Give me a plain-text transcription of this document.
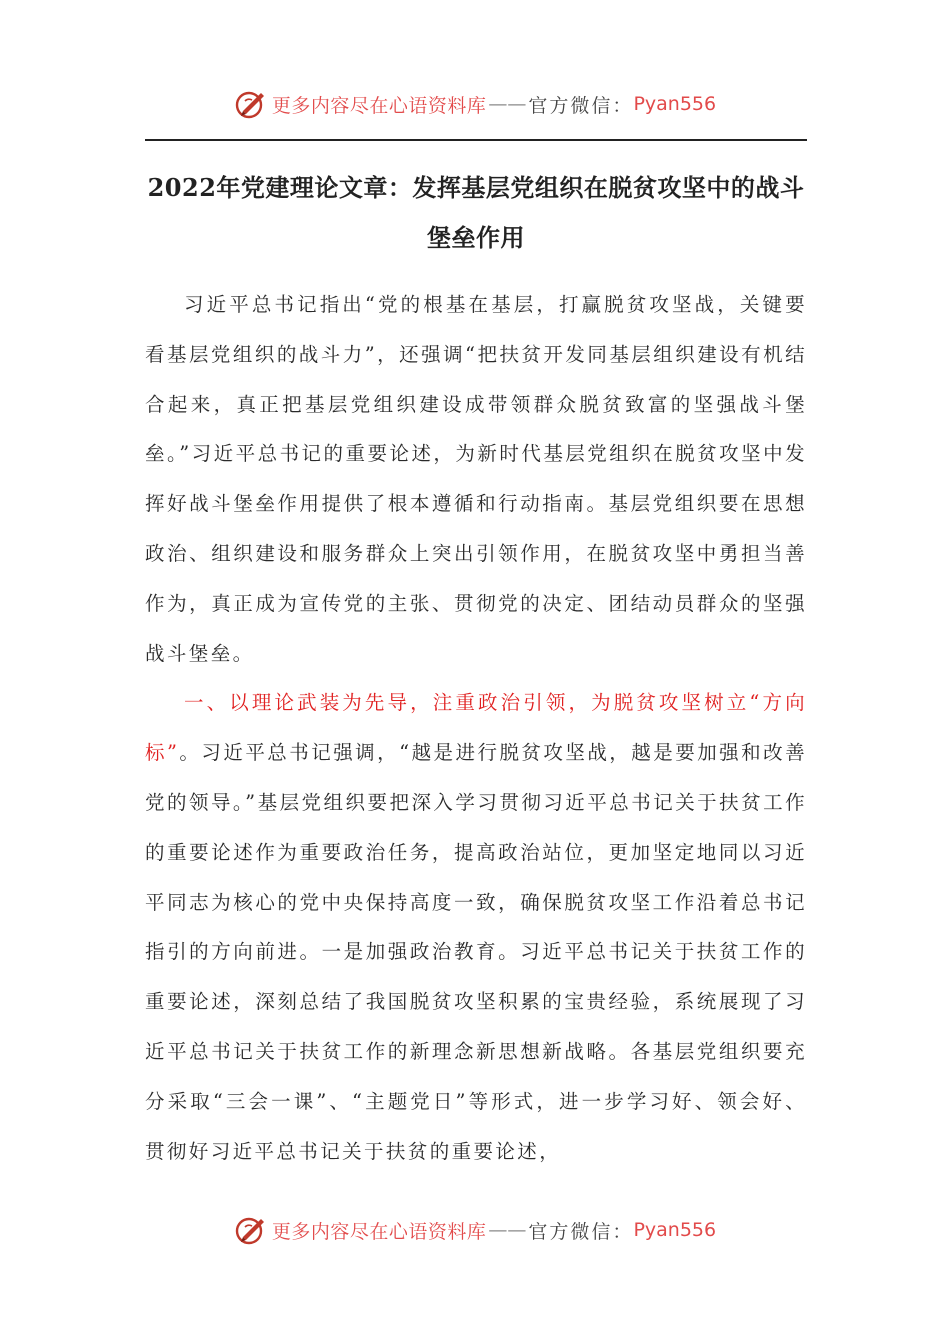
更多内容尽在心语资料库 —— 官方微信： Pyan556
2022年党建理论文章：发挥基层党组织在脱贫攻坚中的战斗堡垒作用

习近平总书记指出“党的根基在基层，打赢脱贫攻坚战，关键要看基层党组织的战斗力”，还强调“把扶贫开发同基层组织建设有机结合起来，真正把基层党组织建设成带领群众脱贫致富的坚强战斗堡垒。”习近平总书记的重要论述，为新时代基层党组织在脱贫攻坚中发挥好战斗堡垒作用提供了根本遵循和行动指南。基层党组织要在思想政治、组织建设和服务群众上突出引领作用，在脱贫攻坚中勇担当善作为，真正成为宣传党的主张、贯彻党的决定、团结动员群众的坚强战斗堡垒。

一、以理论武装为先导，注重政治引领，为脱贫攻坚树立“方向标”。习近平总书记强调，“越是进行脱贫攻坚战，越是要加强和改善党的领导。”基层党组织要把深入学习贯彻习近平总书记关于扶贫工作的重要论述作为重要政治任务，提高政治站位，更加坚定地同以习近平同志为核心的党中央保持高度一致，确保脱贫攻坚工作沿着总书记指引的方向前进。一是加强政治教育。习近平总书记关于扶贫工作的重要论述，深刻总结了我国脱贫攻坚积累的宝贵经验，系统展现了习近平总书记关于扶贫工作的新理念新思想新战略。各基层党组织要充分采取“三会一课”、“主题党日”等形式，进一步学习好、领会好、贯彻好习近平总书记关于扶贫的重要论述，

更多内容尽在心语资料库 —— 官方微信： Pyan556
